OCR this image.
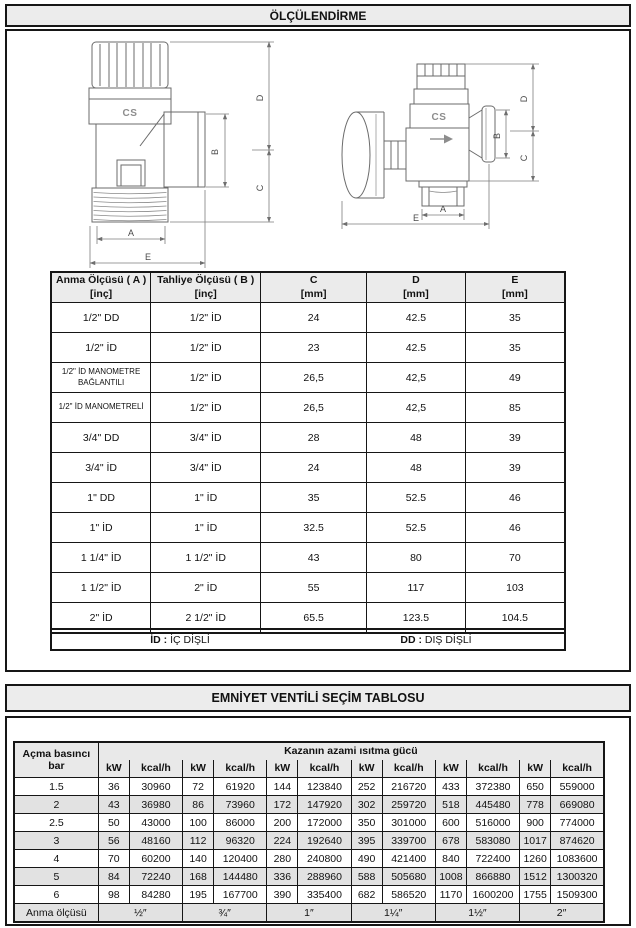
ÖLÇÜLENDİRME
CS
A
E
B
D
C
CS
A
E
B
D
C
Anma Ölçüsü ( A )
[inç]

Tahliye Ölçüsü ( B )
[inç]

C
[mm]

D
[mm]

E
[mm]

1/2" DD	1/2" İD	24	42.5	35
1/2" İD	1/2" İD	23	42.5	35
1/2" İD MANOMETRE BAĞLANTILI	1/2" İD	26,5	42,5	49
1/2" İD MANOMETRELİ	1/2" İD	26,5	42,5	85
3/4" DD	3/4" İD	28	48	39
3/4" İD	3/4" İD	24	48	39
1" DD	1" İD	35	52.5	46
1" İD	1" İD	32.5	52.5	46
1 1/4" İD	1 1/2" İD	43	80	70
1 1/2" İD	2" İD	55	117	103
2" İD	2 1/2" İD	65.5	123.5	104.5
İD : İÇ DİŞLİ	DD : DIŞ DİŞLİ
EMNİYET VENTİLİ SEÇİM TABLOSU
Açma basıncı
bar	Kazanın azami ısıtma gücü											
	kW	kcal/h	kW	kcal/h	kW	kcal/h	kW	kcal/h	kW	kcal/h	kW	kcal/h
1.5	36	30960	72	61920	144	123840	252	216720	433	372380	650	559000
2	43	36980	86	73960	172	147920	302	259720	518	445480	778	669080
2.5	50	43000	100	86000	200	172000	350	301000	600	516000	900	774000
3	56	48160	112	96320	224	192640	395	339700	678	583080	1017	874620
4	70	60200	140	120400	280	240800	490	421400	840	722400	1260	1083600
5	84	72240	168	144480	336	288960	588	505680	1008	866880	1512	1300320
6	98	84280	195	167700	390	335400	682	586520	1170	1600200	1755	1509300
Anma ölçüsü	½″		¾″		1″		1¼″		1½″		2″	
